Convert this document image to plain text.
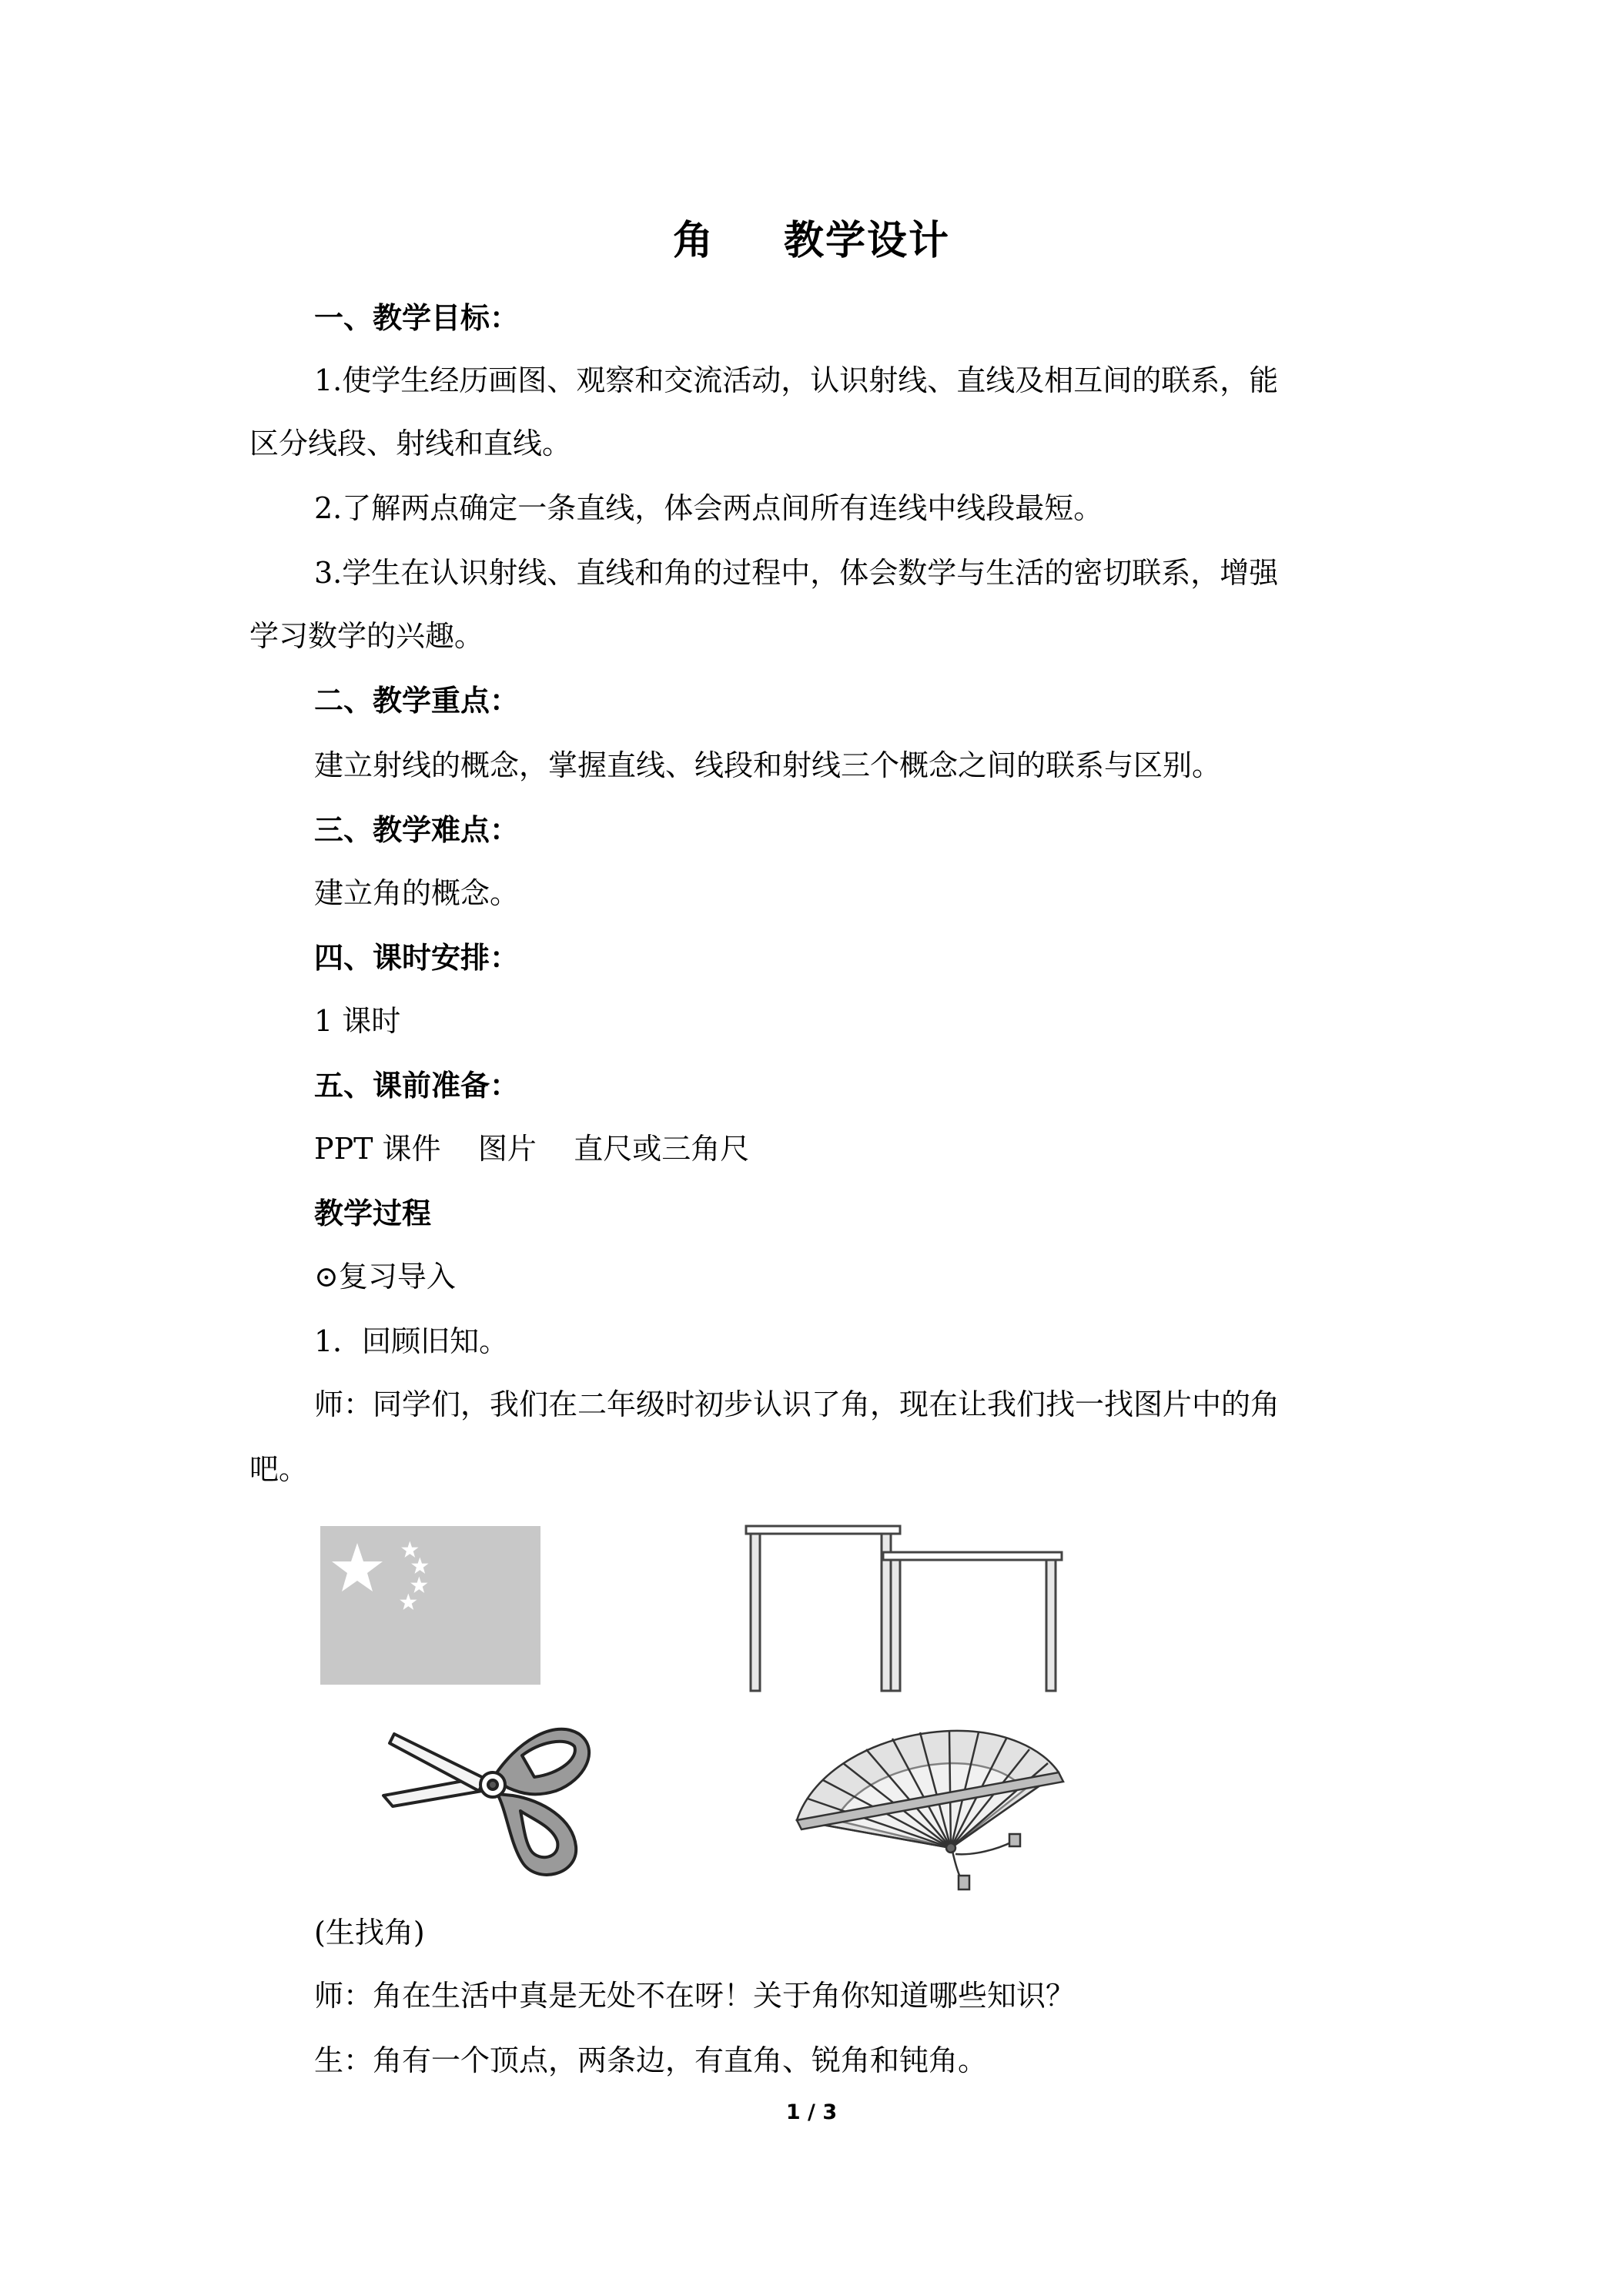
角 教学设计
一、教学目标：
1.使学生经历画图、观察和交流活动，认识射线、直线及相互间的联系，能
区分线段、射线和直线。
2.了解两点确定一条直线，体会两点间所有连线中线段最短。
3.学生在认识射线、直线和角的过程中，体会数学与生活的密切联系，增强
学习数学的兴趣。
二、教学重点：
建立射线的概念，掌握直线、线段和射线三个概念之间的联系与区别。
三、教学难点：
建立角的概念。
四、课时安排：
1 课时
五、课前准备：
PPT 课件    图片    直尺或三角尺
教学过程
⊙复习导入
1．回顾旧知。
师：同学们，我们在二年级时初步认识了角，现在让我们找一找图片中的角
吧。
(生找角)
师：角在生活中真是无处不在呀！关于角你知道哪些知识？
生：角有一个顶点，两条边，有直角、锐角和钝角。
1 / 3
